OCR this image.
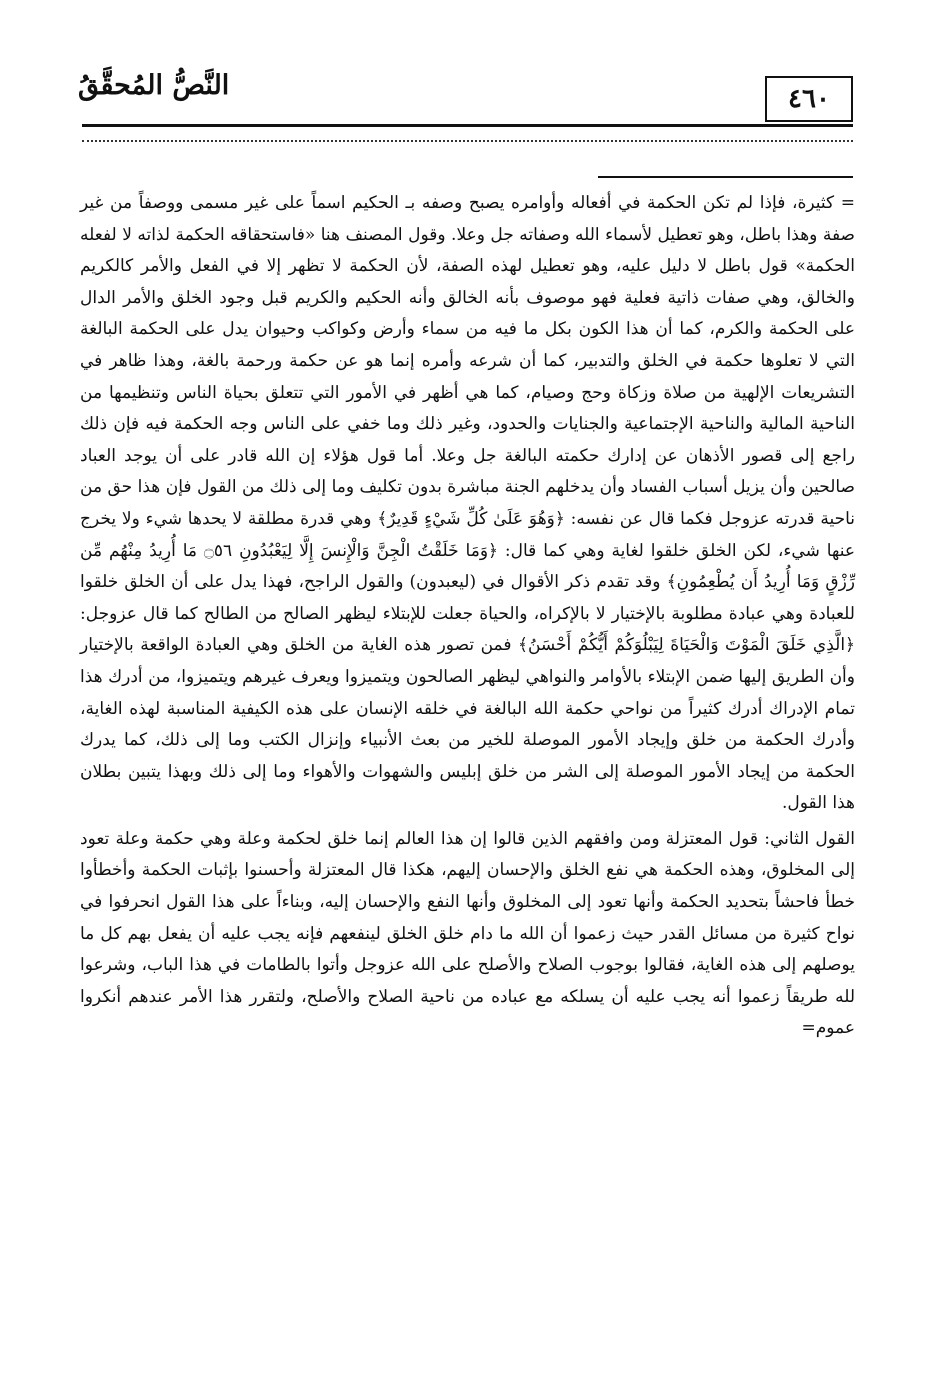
٤٦٠
النَّصُّ المُحقَّقُ

= كثيرة، فإذا لم تكن الحكمة في أفعاله وأوامره يصبح وصفه بـ الحكيم اسماً على غير مسمى ووصفاً من غير صفة وهذا باطل، وهو تعطيل لأسماء الله وصفاته جل وعلا. وقول المصنف هنا «فاستحقاقه الحكمة لذاته لا لفعله الحكمة» قول باطل لا دليل عليه، وهو تعطيل لهذه الصفة، لأن الحكمة لا تظهر إلا في الفعل والأمر كالكريم والخالق، وهي صفات ذاتية فعلية فهو موصوف بأنه الخالق وأنه الحكيم والكريم قبل وجود الخلق والأمر الدال على الحكمة والكرم، كما أن هذا الكون بكل ما فيه من سماء وأرض وكواكب وحيوان يدل على الحكمة البالغة التي لا تعلوها حكمة في الخلق والتدبير، كما أن شرعه وأمره إنما هو عن حكمة ورحمة بالغة، وهذا ظاهر في التشريعات الإلهية من صلاة وزكاة وحج وصيام، كما هي أظهر في الأمور التي تتعلق بحياة الناس وتنظيمها من الناحية المالية والناحية الإجتماعية والجنايات والحدود، وغير ذلك وما خفي على الناس وجه الحكمة فيه فإن ذلك راجع إلى قصور الأذهان عن إدارك حكمته البالغة جل وعلا. أما قول هؤلاء إن الله قادر على أن يوجد العباد صالحين وأن يزيل أسباب الفساد وأن يدخلهم الجنة مباشرة بدون تكليف وما إلى ذلك من القول فإن هذا حق من ناحية قدرته عزوجل فكما قال عن نفسه: ﴿وَهُوَ عَلَىٰ كُلِّ شَيْءٍ قَدِيرٌ﴾ وهي قدرة مطلقة لا يحدها شيء ولا يخرج عنها شيء، لكن الخلق خلقوا لغاية وهي كما قال: ﴿وَمَا خَلَقْتُ الْجِنَّ وَالْإِنسَ إِلَّا لِيَعْبُدُونِ ۝٥٦ مَا أُرِيدُ مِنْهُم مِّن رِّزْقٍ وَمَا أُرِيدُ أَن يُطْعِمُونِ﴾ وقد تقدم ذكر الأقوال في (ليعبدون) والقول الراجح، فهذا يدل على أن الخلق خلقوا للعبادة وهي عبادة مطلوبة بالإختيار لا بالإكراه، والحياة جعلت للإبتلاء ليظهر الصالح من الطالح كما قال عزوجل: ﴿الَّذِي خَلَقَ الْمَوْتَ وَالْحَيَاةَ لِيَبْلُوَكُمْ أَيُّكُمْ أَحْسَنُ﴾ فمن تصور هذه الغاية من الخلق وهي العبادة الواقعة بالإختيار وأن الطريق إليها ضمن الإبتلاء بالأوامر والنواهي ليظهر الصالحون ويتميزوا ويعرف غيرهم ويتميزوا، من أدرك هذا تمام الإدراك أدرك كثيراً من نواحي حكمة الله البالغة في خلقه الإنسان على هذه الكيفية المناسبة لهذه الغاية، وأدرك الحكمة من خلق وإيجاد الأمور الموصلة للخير من بعث الأنبياء وإنزال الكتب وما إلى ذلك، كما يدرك الحكمة من إيجاد الأمور الموصلة إلى الشر من خلق إبليس والشهوات والأهواء وما إلى ذلك وبهذا يتبين بطلان هذا القول.

القول الثاني: قول المعتزلة ومن وافقهم الذين قالوا إن هذا العالم إنما خلق لحكمة وعلة وهي حكمة وعلة تعود إلى المخلوق، وهذه الحكمة هي نفع الخلق والإحسان إليهم، هكذا قال المعتزلة وأحسنوا بإثبات الحكمة وأخطأوا خطأ فاحشاً بتحديد الحكمة وأنها تعود إلى المخلوق وأنها النفع والإحسان إليه، وبناءاً على هذا القول انحرفوا في نواح كثيرة من مسائل القدر حيث زعموا أن الله ما دام خلق الخلق لينفعهم فإنه يجب عليه أن يفعل بهم كل ما يوصلهم إلى هذه الغاية، فقالوا بوجوب الصلاح والأصلح على الله عزوجل وأتوا بالطامات في هذا الباب، وشرعوا لله طريقاً زعموا أنه يجب عليه أن يسلكه مع عباده من ناحية الصلاح والأصلح، ولتقرر هذا الأمر عندهم أنكروا عموم=
